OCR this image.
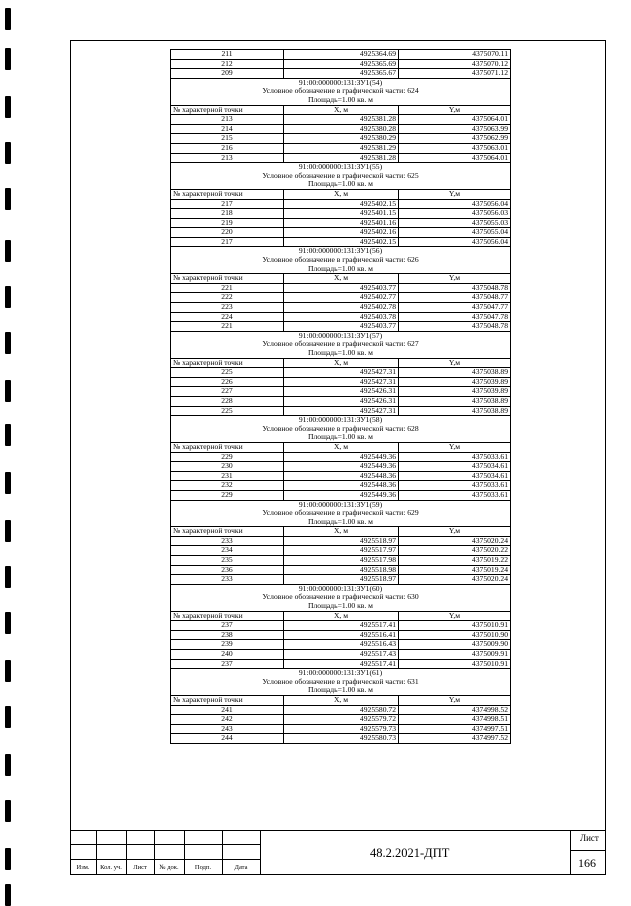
211	4925364.69	4375070.11
212	4925365.69	4375070.12
209	4925365.67	4375071.12
91:00:000000:131:ЗУ1(54)		
Условное обозначение в графической части: 624		
Площадь=1.00 кв. м		
№ характерной точки	X, м	Y,м
213	4925381.28	4375064.01
214	4925380.28	4375063.99
215	4925380.29	4375062.99
216	4925381.29	4375063.01
213	4925381.28	4375064.01
91:00:000000:131:ЗУ1(55)		
Условное обозначение в графической части: 625		
Площадь=1.00 кв. м		
№ характерной точки	X, м	Y,м
217	4925402.15	4375056.04
218	4925401.15	4375056.03
219	4925401.16	4375055.03
220	4925402.16	4375055.04
217	4925402.15	4375056.04
91:00:000000:131:ЗУ1(56)		
Условное обозначение в графической части: 626		
Площадь=1.00 кв. м		
№ характерной точки	X, м	Y,м
221	4925403.77	4375048.78
222	4925402.77	4375048.77
223	4925402.78	4375047.77
224	4925403.78	4375047.78
221	4925403.77	4375048.78
91:00:000000:131:ЗУ1(57)		
Условное обозначение в графической части: 627		
Площадь=1.00 кв. м		
№ характерной точки	X, м	Y,м
225	4925427.31	4375038.89
226	4925427.31	4375039.89
227	4925426.31	4375039.89
228	4925426.31	4375038.89
225	4925427.31	4375038.89
91:00:000000:131:ЗУ1(58)		
Условное обозначение в графической части: 628		
Площадь=1.00 кв. м		
№ характерной точки	X, м	Y,м
229	4925449.36	4375033.61
230	4925449.36	4375034.61
231	4925448.36	4375034.61
232	4925448.36	4375033.61
229	4925449.36	4375033.61
91:00:000000:131:ЗУ1(59)		
Условное обозначение в графической части: 629		
Площадь=1.00 кв. м		
№ характерной точки	X, м	Y,м
233	4925518.97	4375020.24
234	4925517.97	4375020.22
235	4925517.98	4375019.22
236	4925518.98	4375019.24
233	4925518.97	4375020.24
91:00:000000:131:ЗУ1(60)		
Условное обозначение в графической части: 630		
Площадь=1.00 кв. м		
№ характерной точки	X, м	Y,м
237	4925517.41	4375010.91
238	4925516.41	4375010.90
239	4925516.43	4375009.90
240	4925517.43	4375009.91
237	4925517.41	4375010.91
91:00:000000:131:ЗУ1(61)		
Условное обозначение в графической части: 631		
Площадь=1.00 кв. м		
№ характерной точки	X, м	Y,м
241	4925580.72	4374998.52
242	4925579.72	4374998.51
243	4925579.73	4374997.51
244	4925580.73	4374997.52
Изм.	Кол. уч.	Лист	№ док.	Подп.	Дата
48.2.2021-ДПТ
Лист
166
